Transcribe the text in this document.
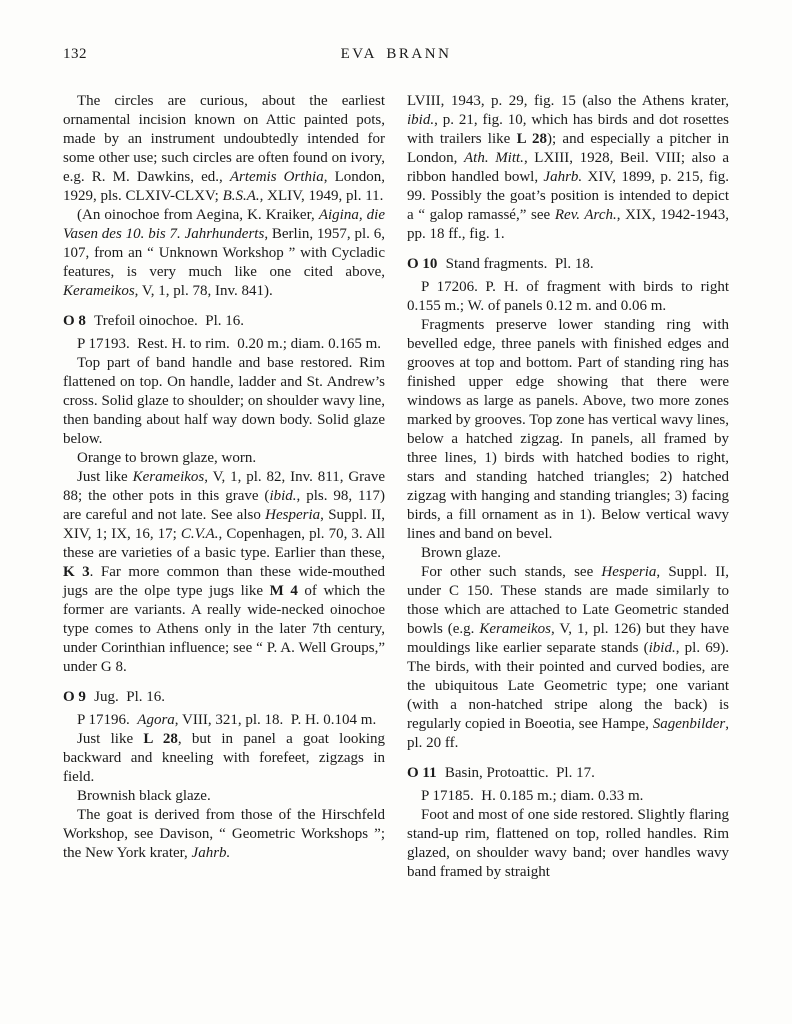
132	EVA BRANN

The circles are curious, about the earliest ornamental incision known on Attic painted pots, made by an instrument undoubtedly intended for some other use; such circles are often found on ivory, e.g. R. M. Dawkins, ed., Artemis Orthia, London, 1929, pls. CLXIV-CLXV; B.S.A., XLIV, 1949, pl. 11.

(An oinochoe from Aegina, K. Kraiker, Aigina, die Vasen des 10. bis 7. Jahrhunderts, Berlin, 1957, pl. 6, 107, from an “ Unknown Workshop ” with Cycladic features, is very much like one cited above, Kerameikos, V, 1, pl. 78, Inv. 841).

O 8 Trefoil oinochoe. Pl. 16.

P 17193. Rest. H. to rim. 0.20 m.; diam. 0.165 m.

Top part of band handle and base restored. Rim flattened on top. On handle, ladder and St. Andrew’s cross. Solid glaze to shoulder; on shoulder wavy line, then banding about half way down body. Solid glaze below.

Orange to brown glaze, worn.

Just like Kerameikos, V, 1, pl. 82, Inv. 811, Grave 88; the other pots in this grave (ibid., pls. 98, 117) are careful and not late. See also Hesperia, Suppl. II, XIV, 1; IX, 16, 17; C.V.A., Copenhagen, pl. 70, 3. All these are varieties of a basic type. Earlier than these, K 3. Far more common than these wide-mouthed jugs are the olpe type jugs like M 4 of which the former are variants. A really wide-necked oinochoe type comes to Athens only in the later 7th century, under Corinthian influence; see “ P. A. Well Groups,” under G 8.

O 9 Jug. Pl. 16.

P 17196. Agora, VIII, 321, pl. 18. P. H. 0.104 m.

Just like L 28, but in panel a goat looking backward and kneeling with forefeet, zigzags in field.

Brownish black glaze.

The goat is derived from those of the Hirschfeld Workshop, see Davison, “ Geometric Workshops ”; the New York krater, Jahrb.

LVIII, 1943, p. 29, fig. 15 (also the Athens krater, ibid., p. 21, fig. 10, which has birds and dot rosettes with trailers like L 28); and especially a pitcher in London, Ath. Mitt., LXIII, 1928, Beil. VIII; also a ribbon handled bowl, Jahrb. XIV, 1899, p. 215, fig. 99. Possibly the goat’s position is intended to depict a “ galop ramassé,” see Rev. Arch., XIX, 1942-1943, pp. 18 ff., fig. 1.

O 10 Stand fragments. Pl. 18.

P 17206. P. H. of fragment with birds to right 0.155 m.; W. of panels 0.12 m. and 0.06 m.

Fragments preserve lower standing ring with bevelled edge, three panels with finished edges and grooves at top and bottom. Part of standing ring has finished upper edge showing that there were windows as large as panels. Above, two more zones marked by grooves. Top zone has vertical wavy lines, below a hatched zigzag. In panels, all framed by three lines, 1) birds with hatched bodies to right, stars and standing hatched triangles; 2) hatched zigzag with hanging and standing triangles; 3) facing birds, a fill ornament as in 1). Below vertical wavy lines and band on bevel.

Brown glaze.

For other such stands, see Hesperia, Suppl. II, under C 150. These stands are made similarly to those which are attached to Late Geometric standed bowls (e.g. Kerameikos, V, 1, pl. 126) but they have mouldings like earlier separate stands (ibid., pl. 69). The birds, with their pointed and curved bodies, are the ubiquitous Late Geometric type; one variant (with a non-hatched stripe along the back) is regularly copied in Boeotia, see Hampe, Sagenbilder, pl. 20 ff.

O 11 Basin, Protoattic. Pl. 17.

P 17185. H. 0.185 m.; diam. 0.33 m.

Foot and most of one side restored. Slightly flaring stand-up rim, flattened on top, rolled handles. Rim glazed, on shoulder wavy band; over handles wavy band framed by straight
